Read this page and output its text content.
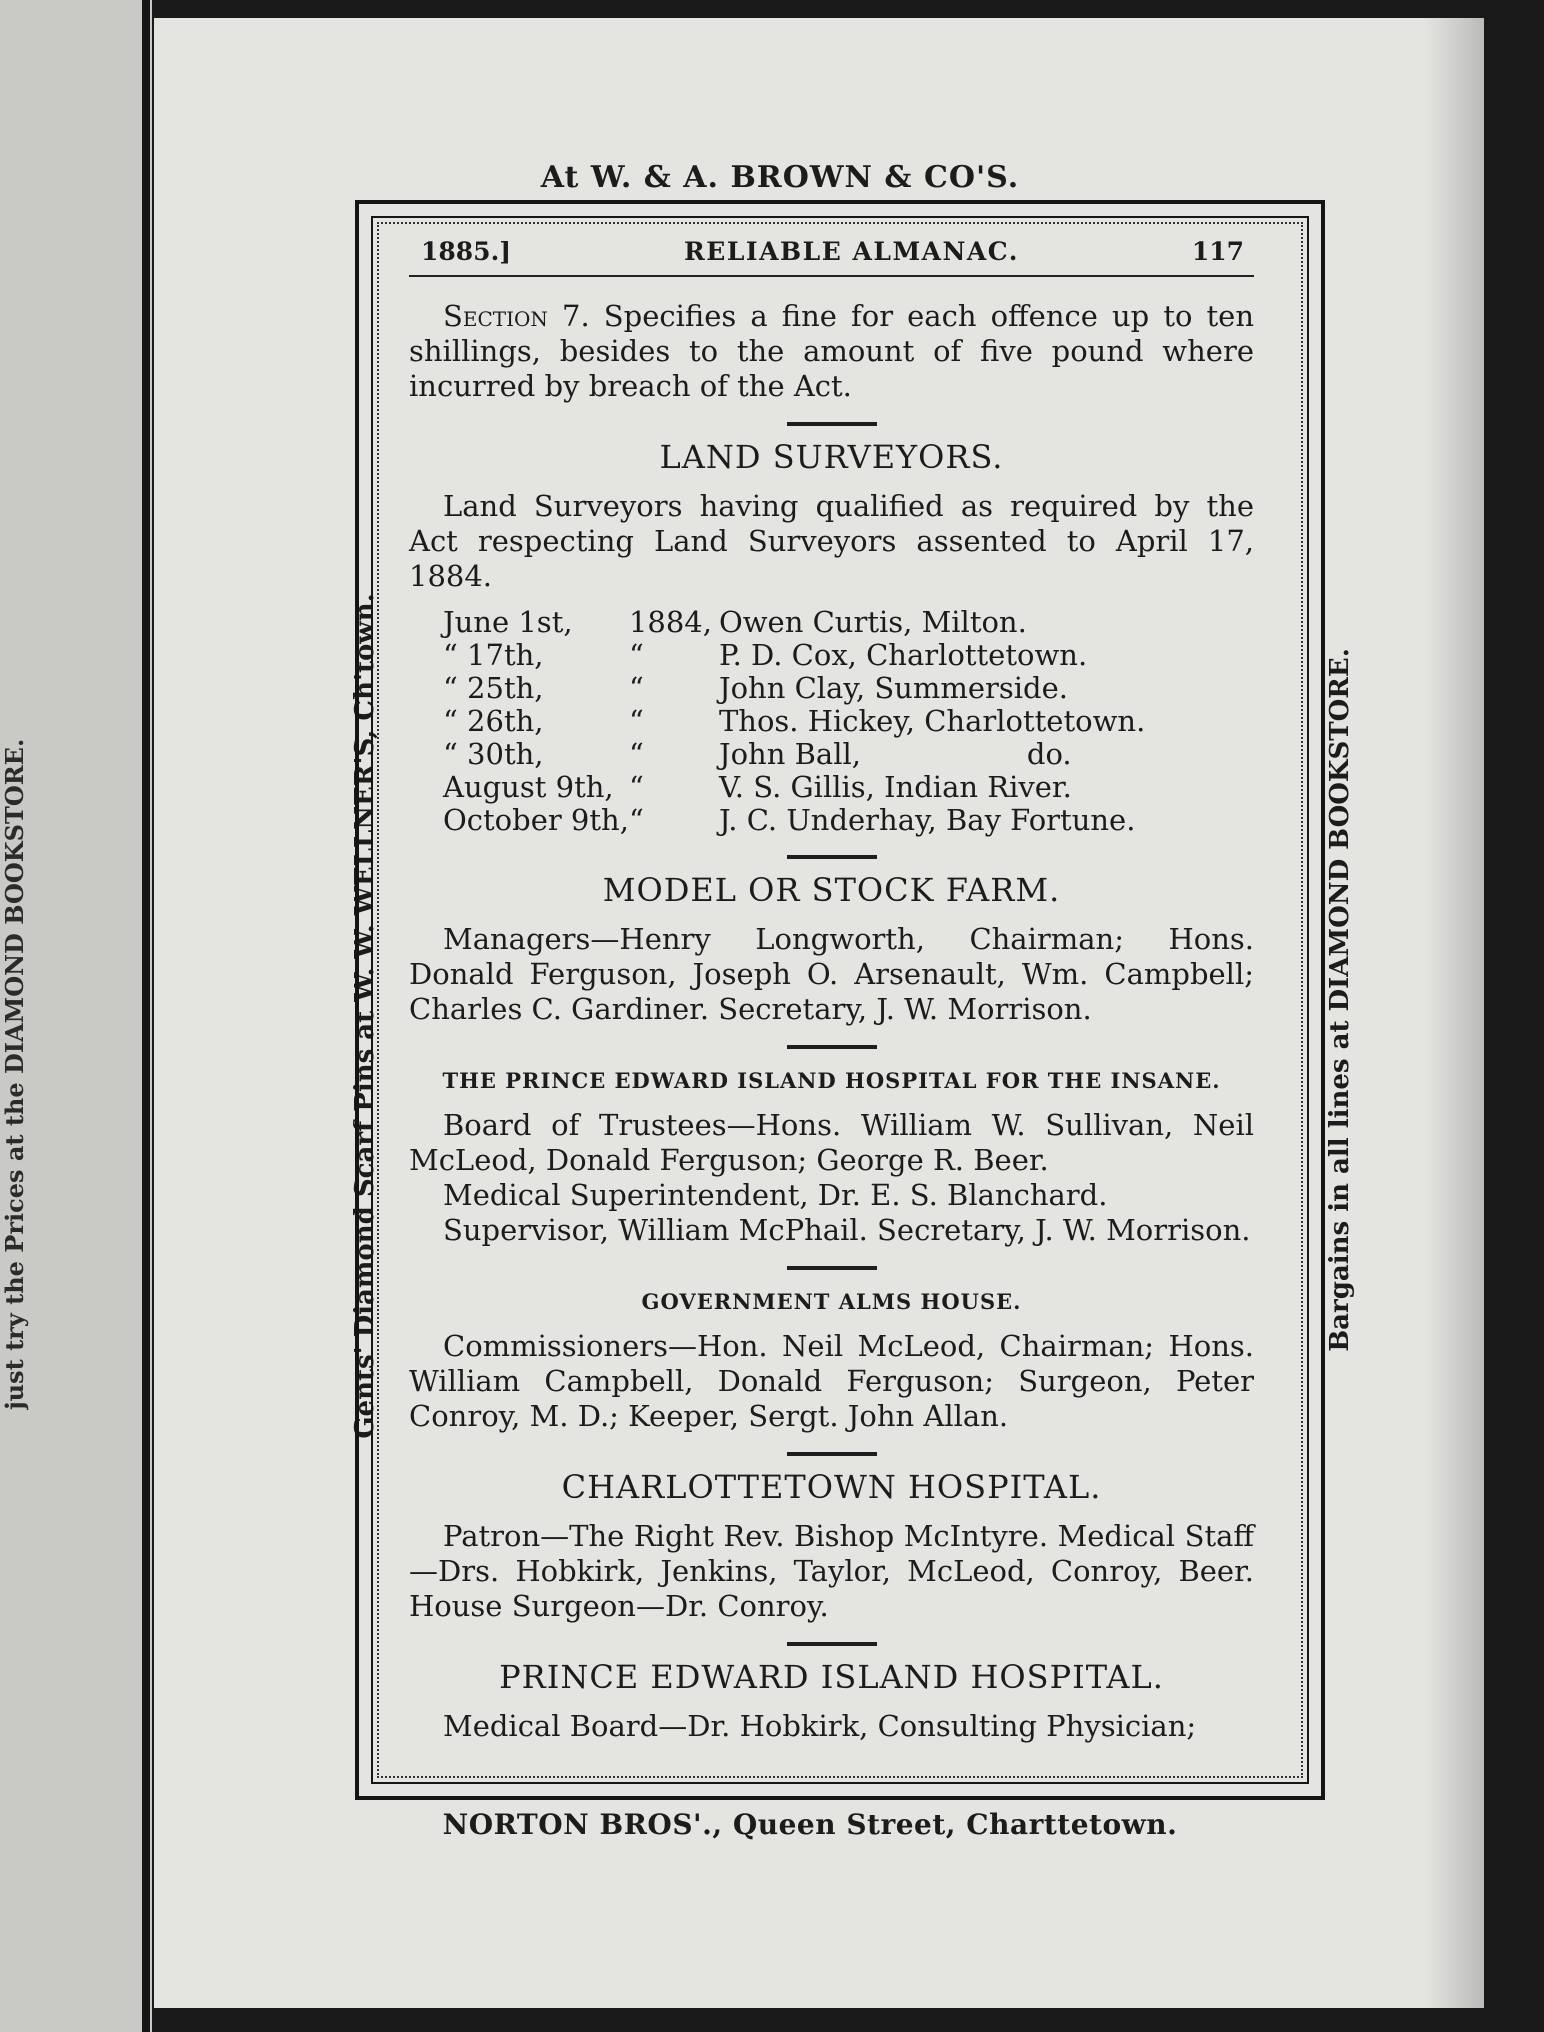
just try the Prices at the DIAMOND BOOKSTORE.
At W. & A. BROWN & CO'S.
Gents' Diamond Scarf Pins at W. W. WELLNER'S, Ch'town.	Bargains in all lines at DIAMOND BOOKSTORE.
NORTON BROS'., Queen Street, Charttetown.
1885.]	RELIABLE ALMANAC.	117

Section 7. Specifies a fine for each offence up to ten shillings, besides to the amount of five pound where incurred by breach of the Act.

LAND SURVEYORS.

Land Surveyors having qualified as required by the Act respecting Land Surveyors assented to April 17, 1884.

June 1st,	1884,	Owen Curtis, Milton.
“ 17th,	“	P. D. Cox, Charlottetown.
“ 25th,	“	John Clay, Summerside.
“ 26th,	“	Thos. Hickey, Charlottetown.
“ 30th,	“	John Ball,                  do.
August 9th,	“	V. S. Gillis, Indian River.
October 9th,	“	J. C. Underhay, Bay Fortune.
MODEL OR STOCK FARM.

Managers—Henry Longworth, Chairman; Hons. Donald Ferguson, Joseph O. Arsenault, Wm. Campbell; Charles C. Gardiner. Secretary, J. W. Morrison.

THE PRINCE EDWARD ISLAND HOSPITAL FOR THE INSANE.

Board of Trustees—Hons. William W. Sullivan, Neil McLeod, Donald Ferguson; George R. Beer.

Medical Superintendent, Dr. E. S. Blanchard.

Supervisor, William McPhail. Secretary, J. W. Morrison.

GOVERNMENT ALMS HOUSE.

Commissioners—Hon. Neil McLeod, Chairman; Hons. William Campbell, Donald Ferguson; Surgeon, Peter Conroy, M. D.; Keeper, Sergt. John Allan.

CHARLOTTETOWN HOSPITAL.

Patron—The Right Rev. Bishop McIntyre. Medical Staff—Drs. Hobkirk, Jenkins, Taylor, McLeod, Conroy, Beer. House Surgeon—Dr. Conroy.

PRINCE EDWARD ISLAND HOSPITAL.

Medical Board—Dr. Hobkirk, Consulting Physician;
